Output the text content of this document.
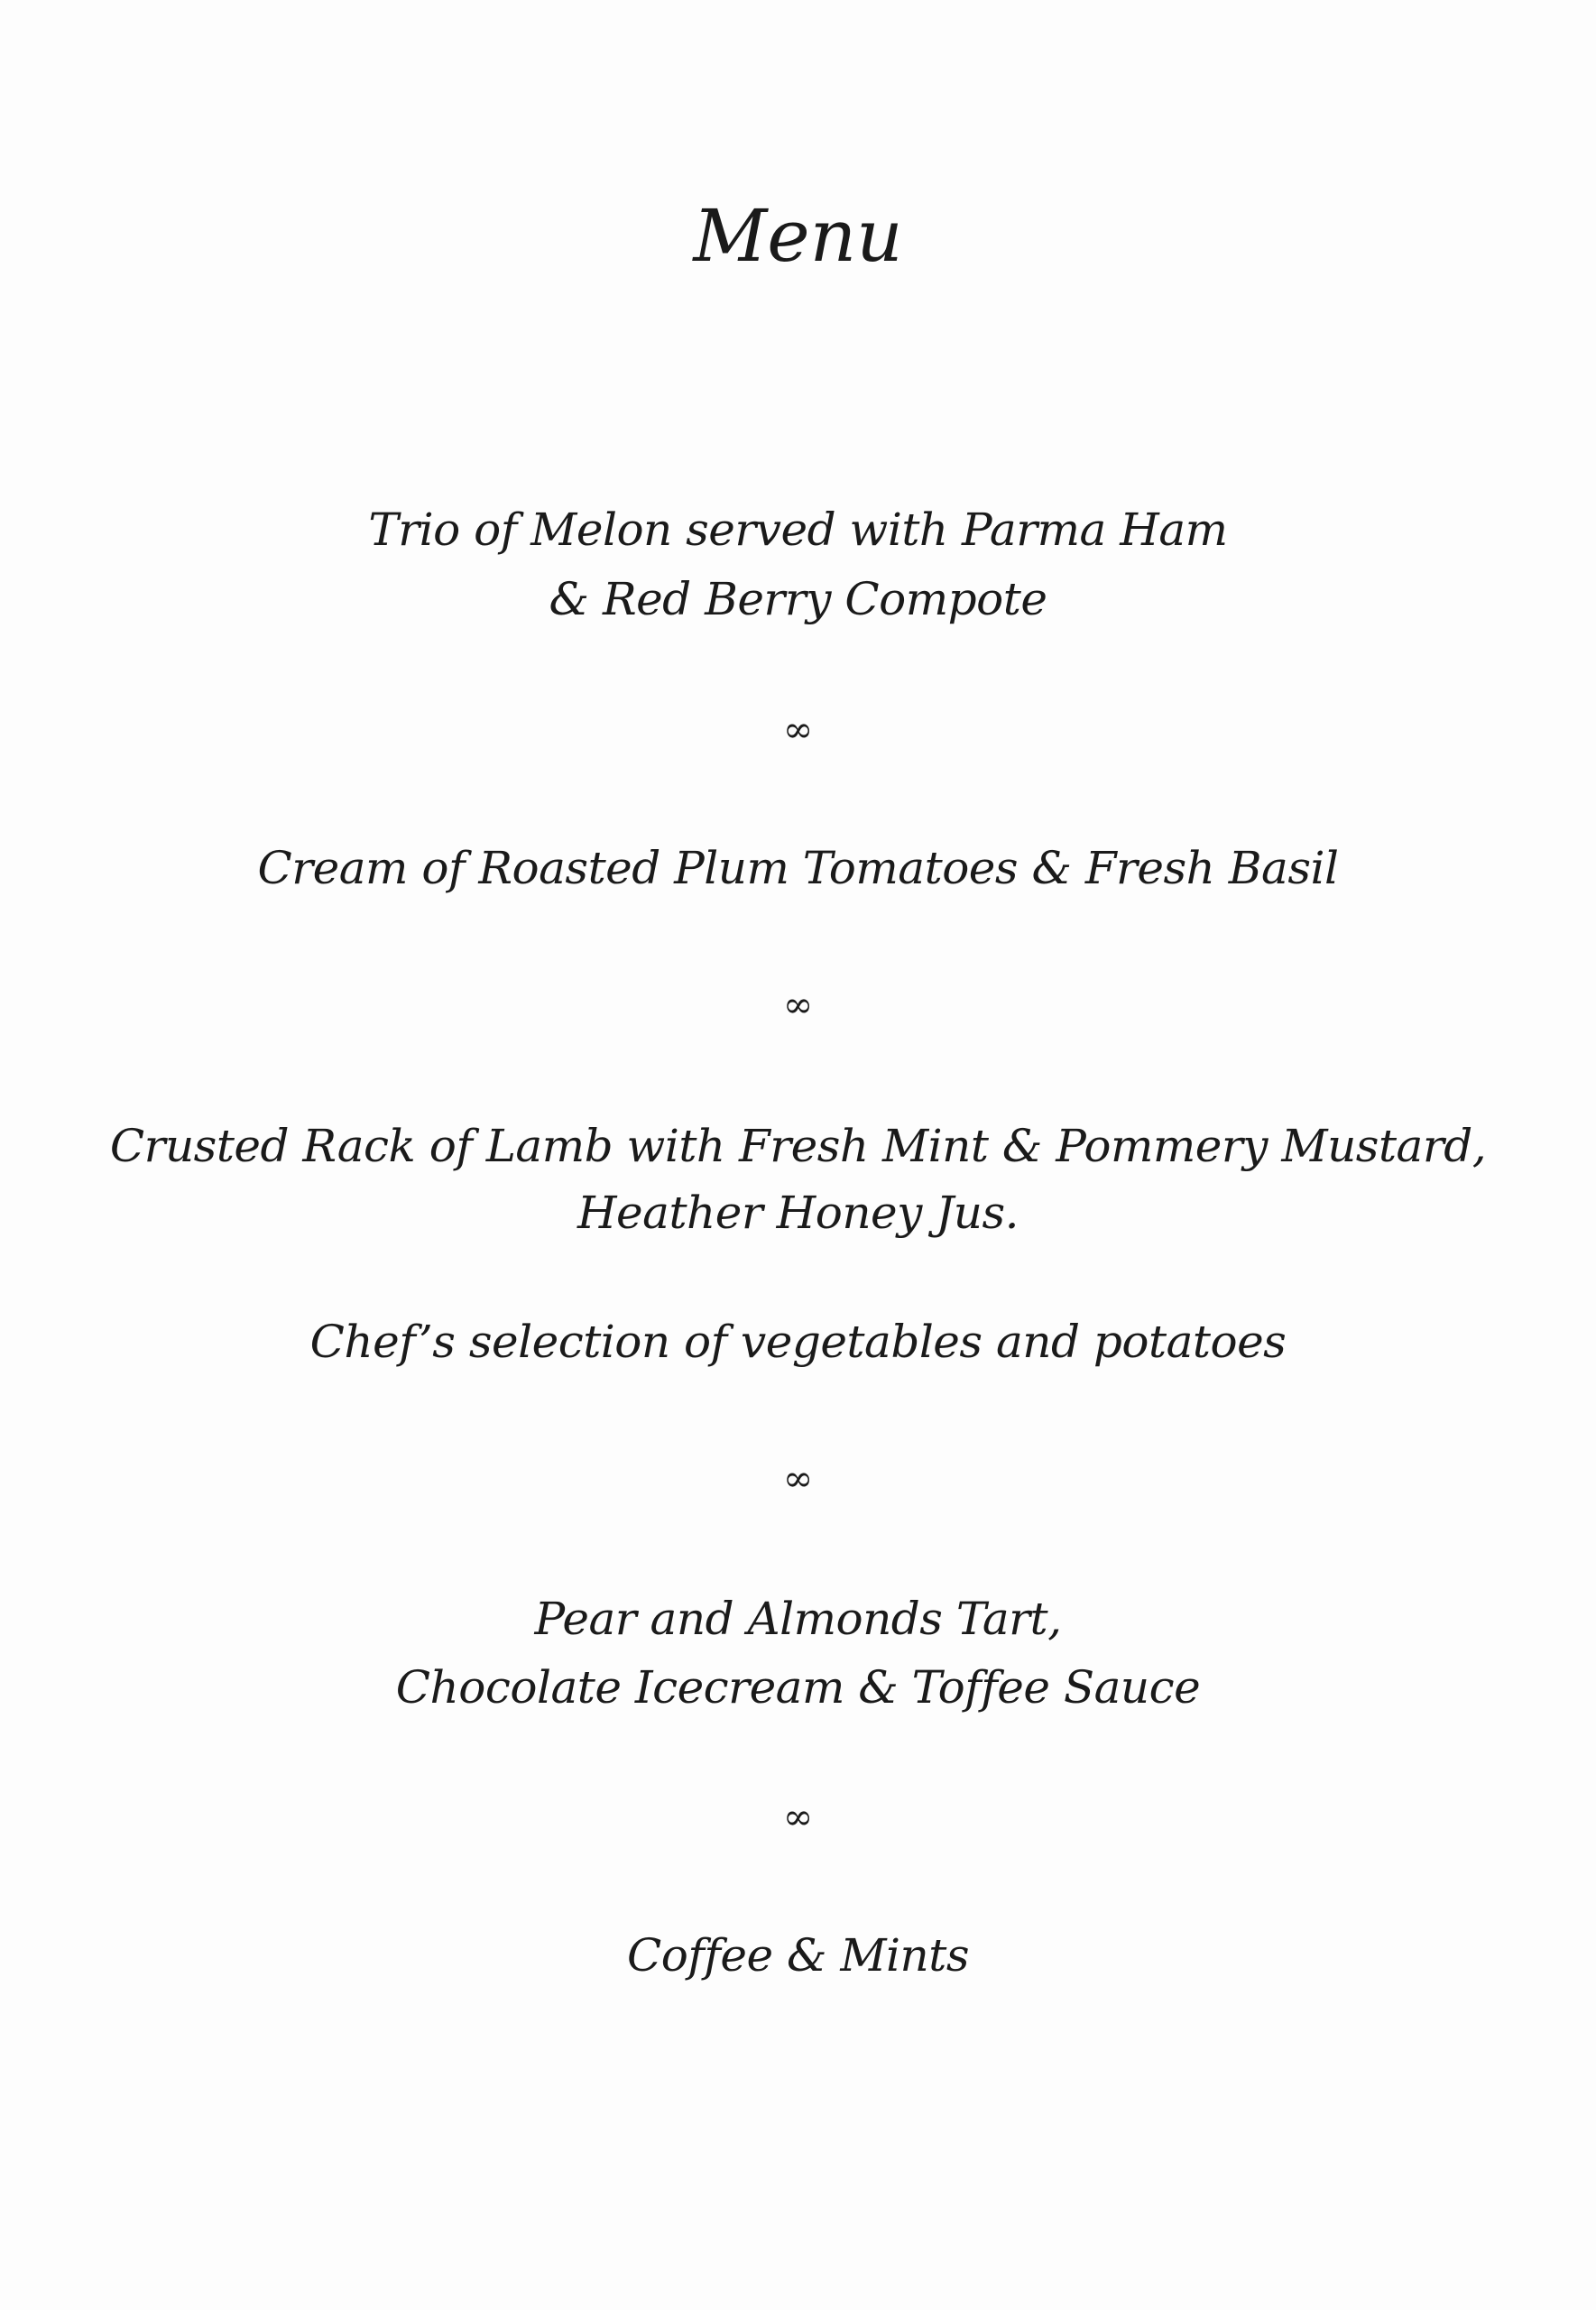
Menu
Trio of Melon served with Parma Ham
& Red Berry Compote
∞
Cream of Roasted Plum Tomatoes & Fresh Basil
∞
Crusted Rack of Lamb with Fresh Mint & Pommery Mustard,
Heather Honey Jus.
Chef’s selection of vegetables and potatoes
∞
Pear and Almonds Tart,
Chocolate Icecream & Toffee Sauce
∞
Coffee & Mints
